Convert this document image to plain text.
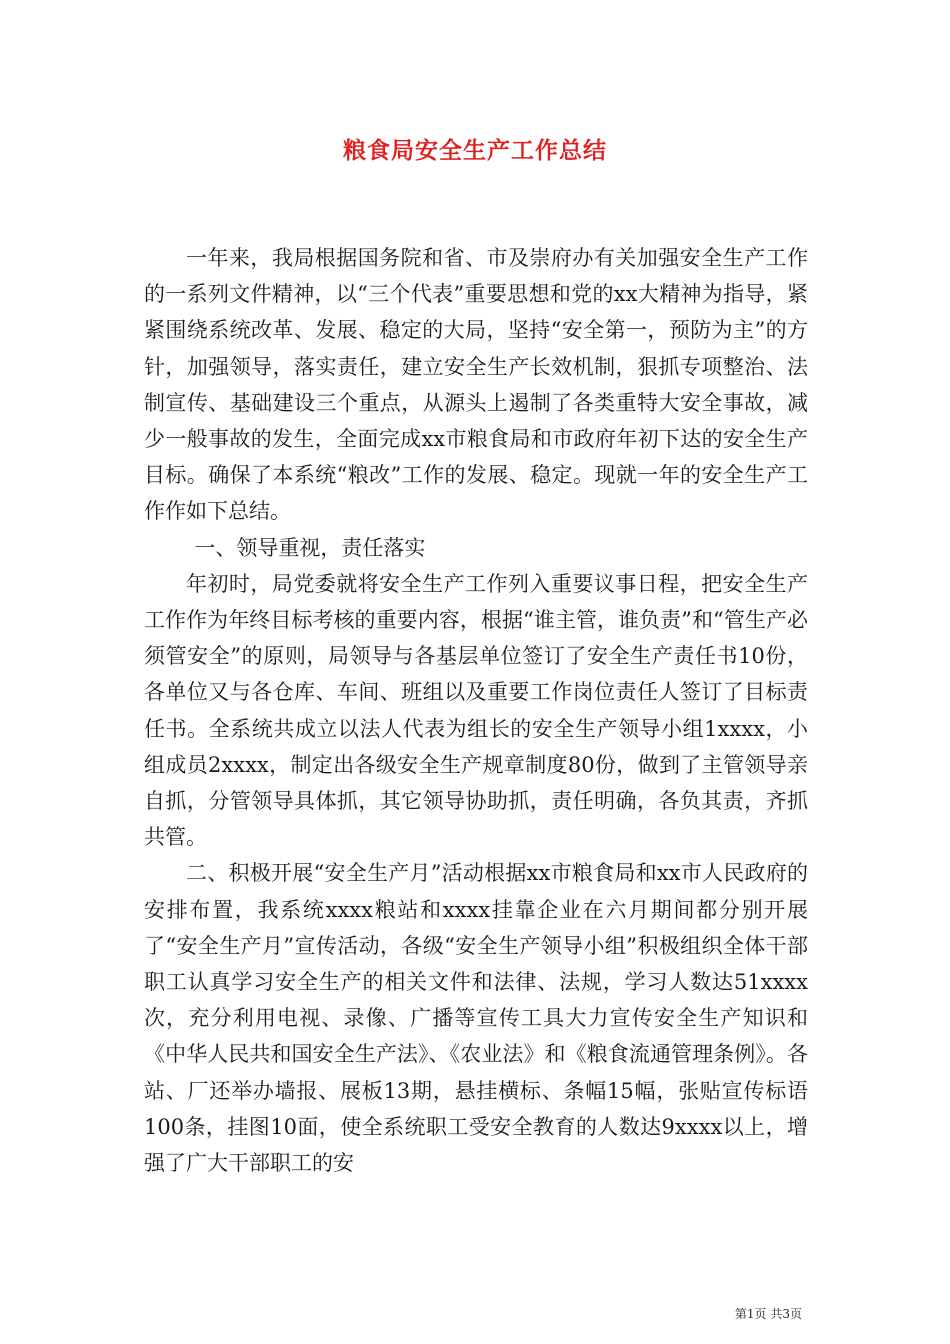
粮食局安全生产工作总结

一年来，我局根据国务院和省、市及崇府办有关加强安全生产工作的一系列文件精神，以“三个代表”重要思想和党的xx大精神为指导，紧紧围绕系统改革、发展、稳定的大局，坚持“安全第一，预防为主”的方针，加强领导，落实责任，建立安全生产长效机制，狠抓专项整治、法制宣传、基础建设三个重点，从源头上遏制了各类重特大安全事故，减少一般事故的发生，全面完成xx市粮食局和市政府年初下达的安全生产目标。确保了本系统“粮改”工作的发展、稳定。现就一年的安全生产工作作如下总结。

一、领导重视，责任落实

年初时，局党委就将安全生产工作列入重要议事日程，把安全生产工作作为年终目标考核的重要内容，根据“谁主管，谁负责”和“管生产必须管安全”的原则，局领导与各基层单位签订了安全生产责任书10份，各单位又与各仓库、车间、班组以及重要工作岗位责任人签订了目标责任书。全系统共成立以法人代表为组长的安全生产领导小组1xxxx，小组成员2xxxx，制定出各级安全生产规章制度80份，做到了主管领导亲自抓，分管领导具体抓，其它领导协助抓，责任明确，各负其责，齐抓共管。

二、积极开展“安全生产月”活动根据xx市粮食局和xx市人民政府的安排布置，我系统xxxx粮站和xxxx挂靠企业在六月期间都分别开展了“安全生产月”宣传活动，各级“安全生产领导小组”积极组织全体干部职工认真学习安全生产的相关文件和法律、法规，学习人数达51xxxx次，充分利用电视、录像、广播等宣传工具大力宣传安全生产知识和《中华人民共和国安全生产法》、《农业法》和《粮食流通管理条例》。各站、厂还举办墙报、展板13期，悬挂横标、条幅15幅，张贴宣传标语100条，挂图10面，使全系统职工受安全教育的人数达9xxxx以上，增强了广大干部职工的安

第1页 共3页
